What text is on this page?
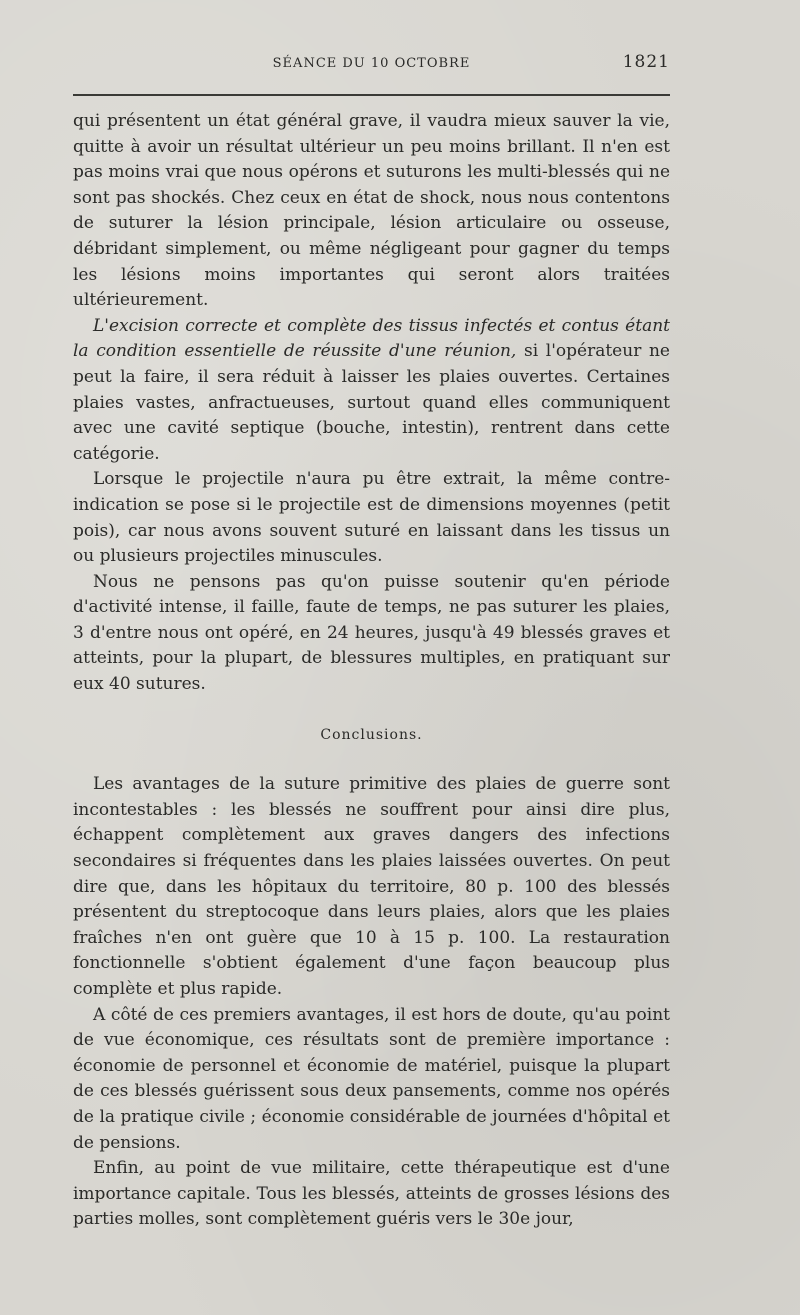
SÉANCE DU 10 OCTOBRE	1821

qui présentent un état général grave, il vaudra mieux sauver la vie, quitte à avoir un résultat ultérieur un peu moins brillant. Il n'en est pas moins vrai que nous opérons et suturons les multi-blessés qui ne sont pas shockés. Chez ceux en état de shock, nous nous contentons de suturer la lésion principale, lésion articulaire ou osseuse, débridant simplement, ou même négligeant pour gagner du temps les lésions moins importantes qui seront alors traitées ultérieurement.

L'excision correcte et complète des tissus infectés et contus étant la condition essentielle de réussite d'une réunion, si l'opérateur ne peut la faire, il sera réduit à laisser les plaies ouvertes. Certaines plaies vastes, anfractueuses, surtout quand elles communiquent avec une cavité septique (bouche, intestin), rentrent dans cette catégorie.

Lorsque le projectile n'aura pu être extrait, la même contre-indication se pose si le projectile est de dimensions moyennes (petit pois), car nous avons souvent suturé en laissant dans les tissus un ou plusieurs projectiles minuscules.

Nous ne pensons pas qu'on puisse soutenir qu'en période d'activité intense, il faille, faute de temps, ne pas suturer les plaies, 3 d'entre nous ont opéré, en 24 heures, jusqu'à 49 blessés graves et atteints, pour la plupart, de blessures multiples, en pratiquant sur eux 40 sutures.

Conclusions.

Les avantages de la suture primitive des plaies de guerre sont incontestables : les blessés ne souffrent pour ainsi dire plus, échappent complètement aux graves dangers des infections secondaires si fréquentes dans les plaies laissées ouvertes. On peut dire que, dans les hôpitaux du territoire, 80 p. 100 des blessés présentent du streptocoque dans leurs plaies, alors que les plaies fraîches n'en ont guère que 10 à 15 p. 100. La restauration fonctionnelle s'obtient également d'une façon beaucoup plus complète et plus rapide.

A côté de ces premiers avantages, il est hors de doute, qu'au point de vue économique, ces résultats sont de première importance : économie de personnel et économie de matériel, puisque la plupart de ces blessés guérissent sous deux pansements, comme nos opérés de la pratique civile ; économie considérable de journées d'hôpital et de pensions.

Enfin, au point de vue militaire, cette thérapeutique est d'une importance capitale. Tous les blessés, atteints de grosses lésions des parties molles, sont complètement guéris vers le 30e jour,
